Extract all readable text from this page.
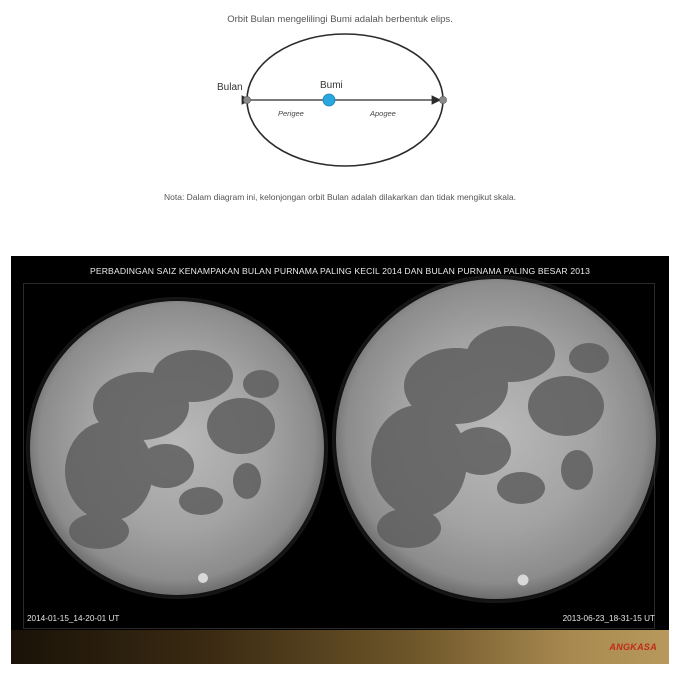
Orbit Bulan mengelilingi Bumi adalah berbentuk elips.
Bulan	Bumi
Perigee	Apogee
Nota: Dalam diagram ini, kelonjongan orbit Bulan adalah dilakarkan dan tidak mengikut skala.
PERBADINGAN SAIZ KENAMPAKAN BULAN PURNAMA PALING KECIL 2014 DAN BULAN PURNAMA PALING BESAR 2013
2014-01-15_14-20-01 UT	2013-06-23_18-31-15 UT
ANGKASA
